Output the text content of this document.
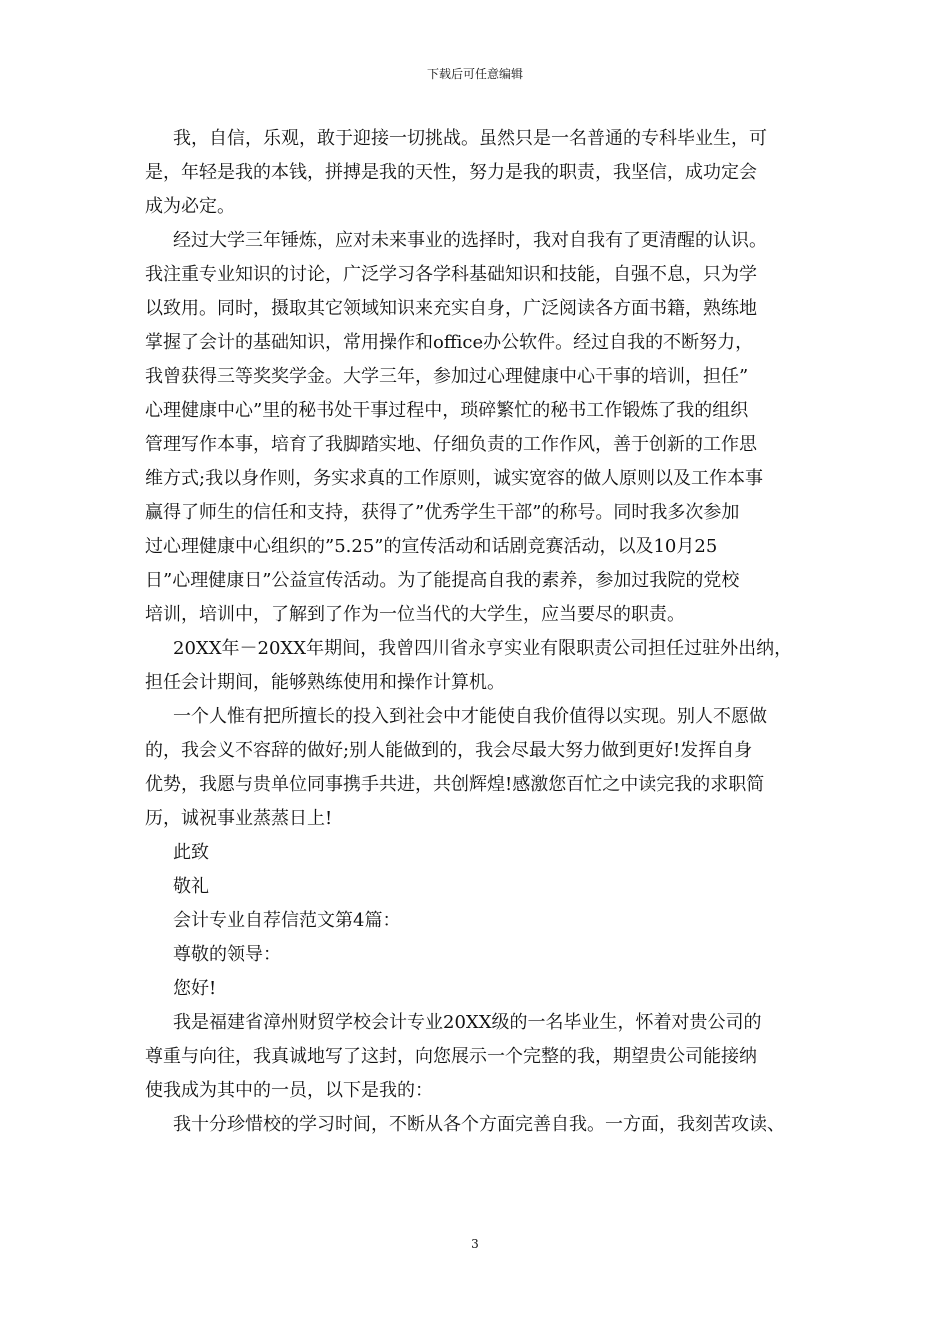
下载后可任意编辑

我，自信，乐观，敢于迎接一切挑战。虽然只是一名普通的专科毕业生，可
是，年轻是我的本钱，拼搏是我的天性，努力是我的职责，我坚信，成功定会
成为必定。

经过大学三年锤炼，应对未来事业的选择时，我对自我有了更清醒的认识。
我注重专业知识的讨论，广泛学习各学科基础知识和技能，自强不息，只为学
以致用。同时，摄取其它领域知识来充实自身，广泛阅读各方面书籍，熟练地
掌握了会计的基础知识，常用操作和office办公软件。经过自我的不断努力，
我曾获得三等奖奖学金。大学三年，参加过心理健康中心干事的培训，担任”
心理健康中心”里的秘书处干事过程中，琐碎繁忙的秘书工作锻炼了我的组织
管理写作本事，培育了我脚踏实地、仔细负责的工作作风，善于创新的工作思
维方式;我以身作则，务实求真的工作原则，诚实宽容的做人原则以及工作本事
赢得了师生的信任和支持，获得了”优秀学生干部”的称号。同时我多次参加
过心理健康中心组织的”5.25”的宣传活动和话剧竞赛活动，以及10月25
日”心理健康日”公益宣传活动。为了能提高自我的素养，参加过我院的党校
培训，培训中，了解到了作为一位当代的大学生，应当要尽的职责。

20XX年－20XX年期间，我曾四川省永亨实业有限职责公司担任过驻外出纳，
担任会计期间，能够熟练使用和操作计算机。

一个人惟有把所擅长的投入到社会中才能使自我价值得以实现。别人不愿做
的，我会义不容辞的做好;别人能做到的，我会尽最大努力做到更好!发挥自身
优势，我愿与贵单位同事携手共进，共创辉煌!感激您百忙之中读完我的求职简
历，诚祝事业蒸蒸日上!

此致

敬礼

会计专业自荐信范文第4篇：

尊敬的领导：

您好!

我是福建省漳州财贸学校会计专业20XX级的一名毕业生，怀着对贵公司的
尊重与向往，我真诚地写了这封，向您展示一个完整的我，期望贵公司能接纳
使我成为其中的一员，以下是我的：

我十分珍惜校的学习时间，不断从各个方面完善自我。一方面，我刻苦攻读、

3
